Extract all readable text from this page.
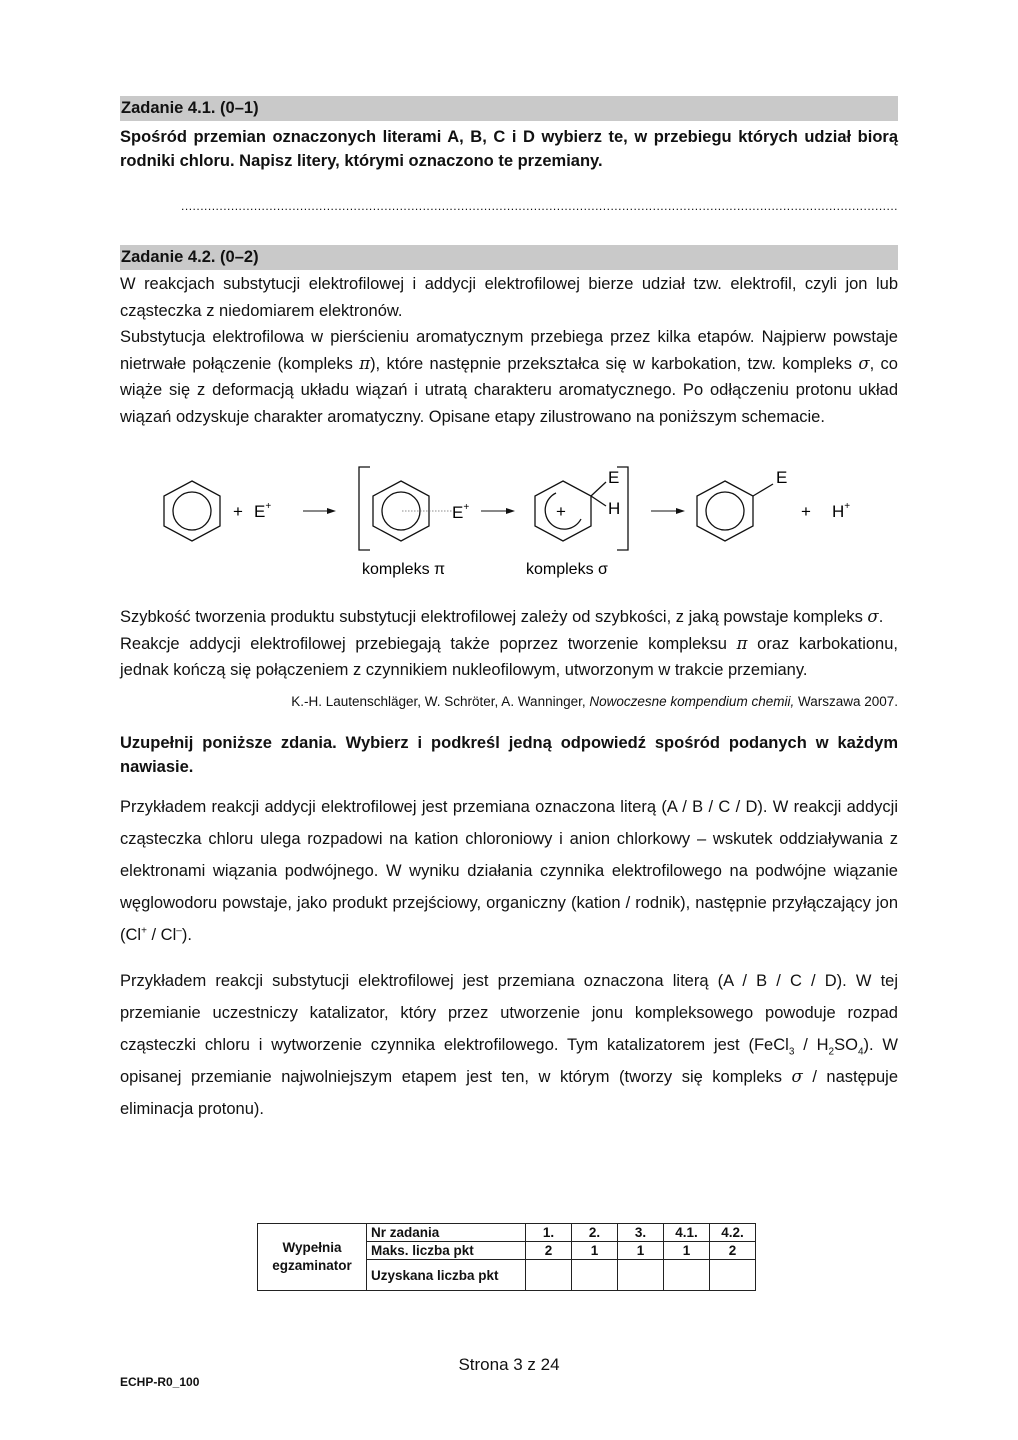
Zadanie 4.1. (0–1)

Spośród przemian oznaczonych literami A, B, C i D wybierz te, w przebiegu których udział biorą rodniki chloru. Napisz litery, którymi oznaczono te przemiany.

...........................................................................................................................................................................................
Zadanie 4.2. (0–2)

W reakcjach substytucji elektrofilowej i addycji elektrofilowej bierze udział tzw. elektrofil, czyli jon lub cząsteczka z niedomiarem elektronów.

Substytucja elektrofilowa w pierścieniu aromatycznym przebiega przez kilka etapów. Najpierw powstaje nietrwałe połączenie (kompleks π), które następnie przekształca się w karbokation, tzw. kompleks σ, co wiąże się z deformacją układu wiązań i utratą charakteru aromatycznego. Po odłączeniu protonu układ wiązań odzyskuje charakter aromatyczny. Opisane etapy zilustrowano na poniższym schemacie.

+ E+	E+	+
E
H
E
+ H+
kompleks π	kompleks σ

Szybkość tworzenia produktu substytucji elektrofilowej zależy od szybkości, z jaką powstaje kompleks σ.

Reakcje addycji elektrofilowej przebiegają także poprzez tworzenie kompleksu π oraz karbokationu, jednak kończą się połączeniem z czynnikiem nukleofilowym, utworzonym w trakcie przemiany.

K.-H. Lautenschläger, W. Schröter, A. Wanninger, Nowoczesne kompendium chemii, Warszawa 2007.

Uzupełnij poniższe zdania. Wybierz i podkreśl jedną odpowiedź spośród podanych w każdym nawiasie.

Przykładem reakcji addycji elektrofilowej jest przemiana oznaczona literą (A / B / C / D). W reakcji addycji cząsteczka chloru ulega rozpadowi na kation chloroniowy i anion chlorkowy – wskutek oddziaływania z elektronami wiązania podwójnego. W wyniku działania czynnika elektrofilowego na podwójne wiązanie węglowodoru powstaje, jako produkt przejściowy, organiczny (kation / rodnik), następnie przyłączający jon (Cl+ / Cl–).

Przykładem reakcji substytucji elektrofilowej jest przemiana oznaczona literą (A / B / C / D). W tej przemianie uczestniczy katalizator, który przez utworzenie jonu kompleksowego powoduje rozpad cząsteczki chloru i wytworzenie czynnika elektrofilowego. Tym katalizatorem jest (FeCl$_3$ / $H_2SO_4$). W opisanej przemianie najwolniejszym etapem jest ten, w którym (tworzy się kompleks σ / następuje eliminacja protonu).

Wypełnia egzaminator	Nr zadania	1.	2.	3.	4.1.	4.2.
	Maks. liczba pkt	2	1	1	1	2
	Uzyskana liczba pkt					
Strona 3 z 24
ECHP-R0_100
